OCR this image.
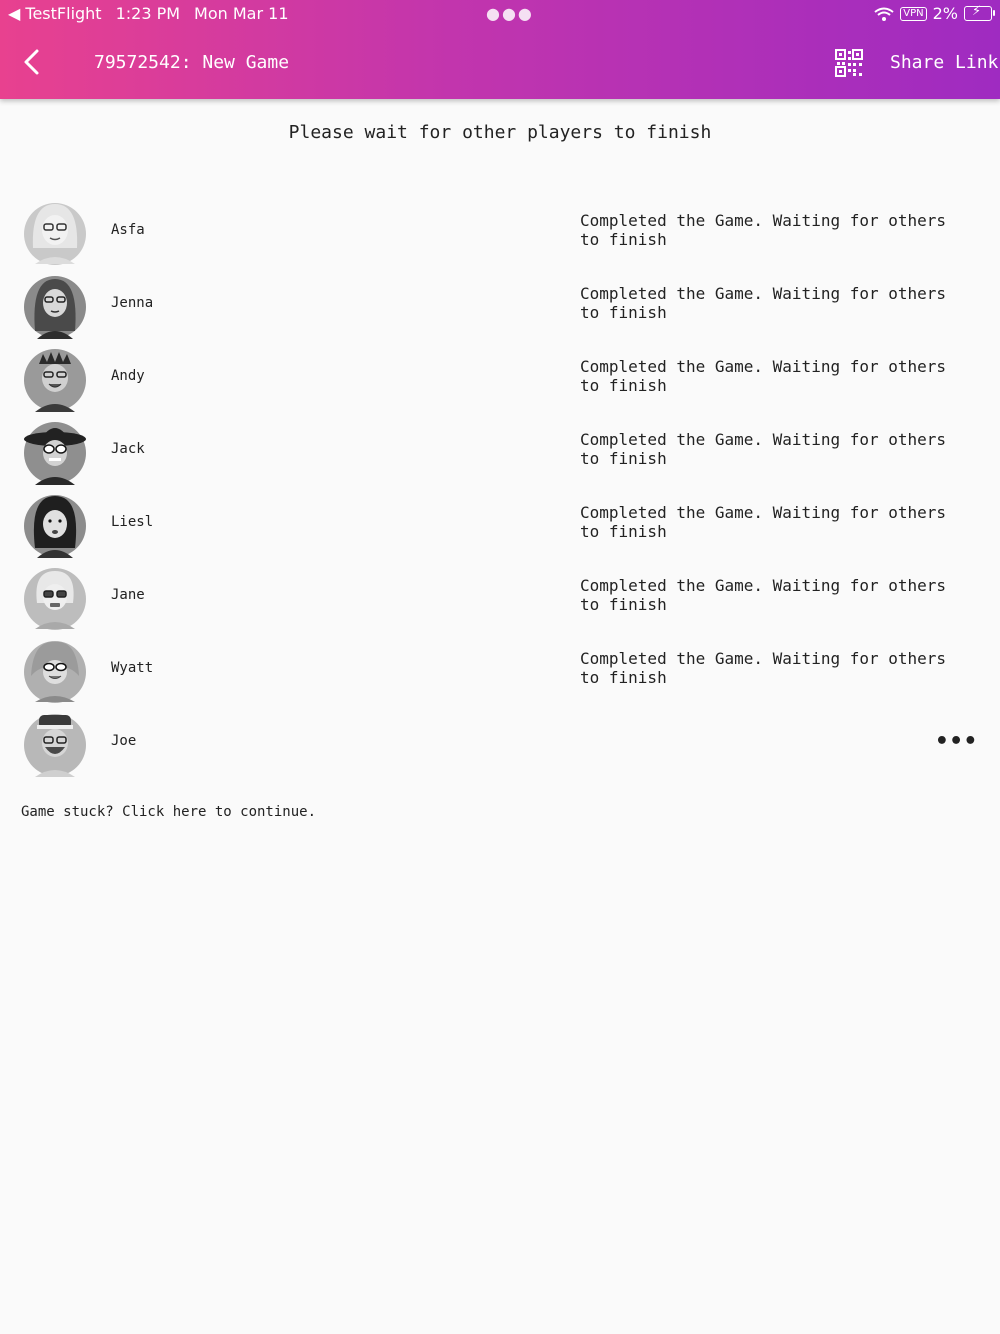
79572542: New Game	Share Link
◀ TestFlight 1:23 PM Mon Mar 11	●●●	VPN 2% ⚡
Please wait for other players to finish
Asfa	Completed the Game. Waiting for others
to finish
Jenna	Completed the Game. Waiting for others
to finish
Andy	Completed the Game. Waiting for others
to finish
Jack	Completed the Game. Waiting for others
to finish
Liesl	Completed the Game. Waiting for others
to finish
Jane	Completed the Game. Waiting for others
to finish
Wyatt	Completed the Game. Waiting for others
to finish
Joe	•••
Game stuck? Click here to continue.
